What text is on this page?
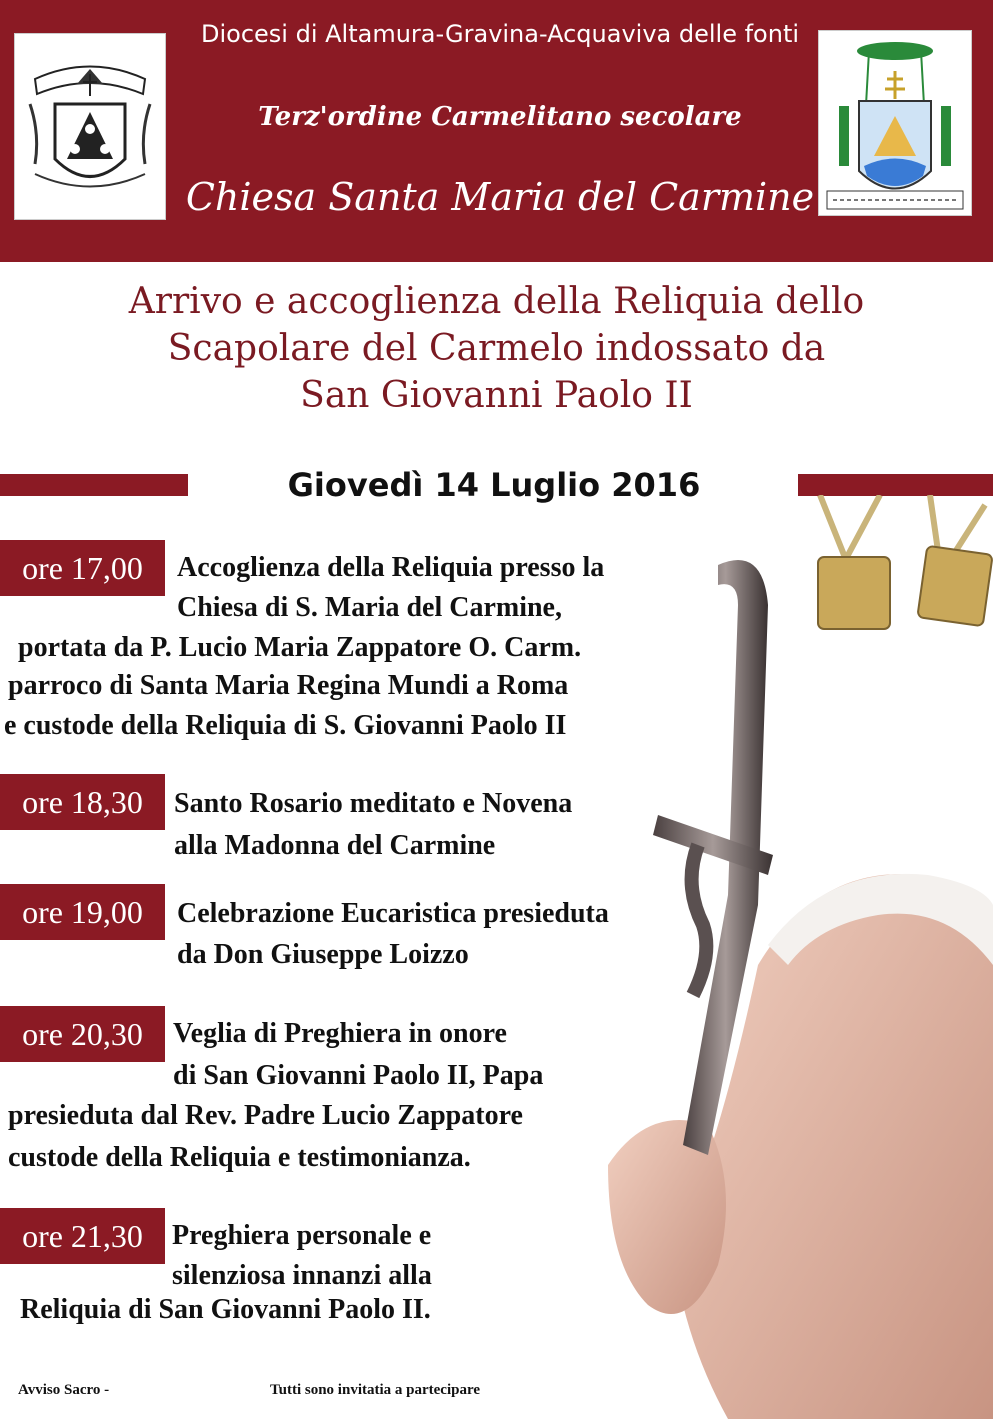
Diocesi di Altamura-Gravina-Acquaviva delle fonti
Terz'ordine Carmelitano secolare
Chiesa Santa Maria del Carmine
Arrivo e accoglienza della Reliquia dello
Scapolare del Carmelo indossato da
San Giovanni Paolo II
Giovedì 14 Luglio 2016
ore 17,00	Accoglienza della Reliquia presso la
Chiesa di S. Maria del Carmine,
portata da P. Lucio Maria Zappatore O. Carm.
parroco di Santa Maria Regina Mundi a Roma
e custode della Reliquia di S. Giovanni Paolo II
ore 18,30	Santo Rosario meditato e Novena
alla Madonna del Carmine
ore 19,00	Celebrazione Eucaristica presieduta
da Don Giuseppe Loizzo
ore 20,30	Veglia di Preghiera in onore
di San Giovanni Paolo II, Papa
presieduta dal Rev. Padre Lucio Zappatore
custode della Reliquia e testimonianza.
ore 21,30	Preghiera personale e
silenziosa innanzi alla
Reliquia di San Giovanni Paolo II.
Avviso Sacro -	Tutti sono invitatia a partecipare
